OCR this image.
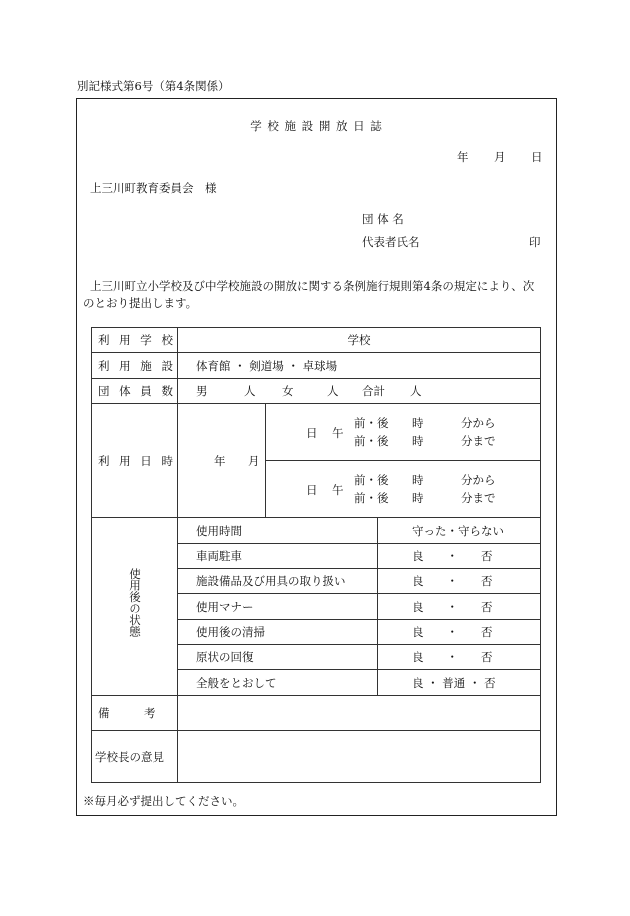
別記様式第6号（第4条関係）
学 校 施 設 開 放 日 誌
年 月 日
上三川町教育委員会　様
団 体 名
代表者氏名	印
上三川町立小学校及び中学校施設の開放に関する条例施行規則第4条の規定により、次
のとおり提出します。
利 用 学 校	学校
利 用 施 設 体育館 ・ 剣道場 ・ 卓球場
団 体 員 数 男	人 女	人 合計 人
利 用 日 時	年 月
日 午
前・後 時	分から
前・後 時	分まで
日 午
前・後 時	分から
前・後 時	分まで
使用後の状態
使用時間	守った・守らない
車両駐車	良　　・　　否
施設備品及び用具の取り扱い	良　　・　　否
使用マナー	良　　・　　否
使用後の清掃	良　　・　　否
原状の回復	良　　・　　否
全般をとおして	良 ・ 普通 ・ 否
備　　　考
学校長の意見
※毎月必ず提出してください。
